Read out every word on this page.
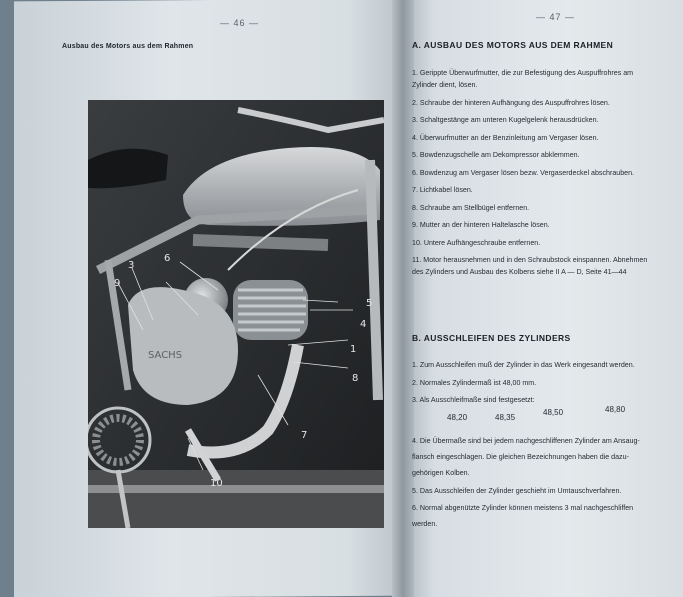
— 46 —
— 47 —
Ausbau des Motors aus dem Rahmen
SACHS
3
6
9
5
4
1
8
7
10
A. AUSBAU DES MOTORS AUS DEM RAHMEN
1. Gerippte Überwurfmutter, die zur Befestigung des Auspuffrohres am
Zylinder dient, lösen.
2. Schraube der hinteren Aufhängung des Auspuffrohres lösen.
3. Schaltgestänge am unteren Kugelgelenk herausdrücken.
4. Überwurfmutter an der Benzinleitung am Vergaser lösen.
5. Bowdenzugschelle am Dekompressor abklemmen.
6. Bowdenzug am Vergaser lösen bezw. Vergaserdeckel abschrauben.
7. Lichtkabel lösen.
8. Schraube am Stellbügel entfernen.
9. Mutter an der hinteren Haltelasche lösen.
10. Untere Aufhängeschraube entfernen.
11. Motor herausnehmen und in den Schraubstock einspannen. Abnehmen
des Zylinders und Ausbau des Kolbens siehe II A — D, Seite 41—44
B. AUSSCHLEIFEN DES ZYLINDERS
1. Zum Ausschleifen muß der Zylinder in das Werk eingesandt werden.
2. Normales Zylindermaß ist 48,00 mm.
3. Als Ausschleifmaße sind festgesetzt:
48,20	48,35
48,50	48,80
4. Die Übermaße sind bei jedem nachgeschliffenen Zylinder am Ansaug-
flansch eingeschlagen. Die gleichen Bezeichnungen haben die dazu-
gehörigen Kolben.
5. Das Ausschleifen der Zylinder geschieht im Umtauschverfahren.
6. Normal abgenützte Zylinder können meistens 3 mal nachgeschliffen
werden.
